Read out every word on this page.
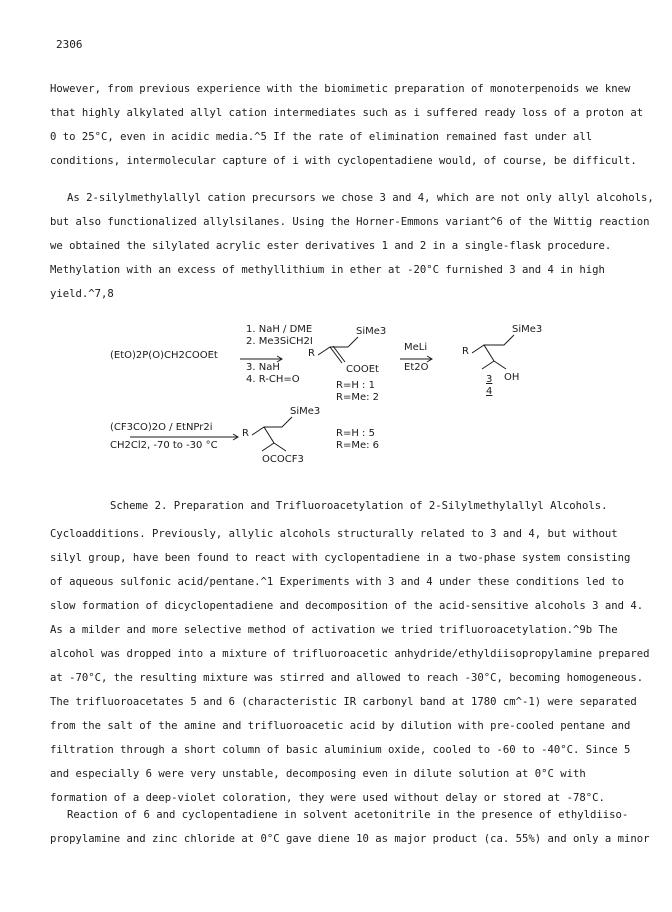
2306
However, from previous experience with the biomimetic preparation of monoterpenoids we knew
that highly alkylated allyl cation intermediates such as i suffered ready loss of a proton at
0 to 25°C, even in acidic media.^5 If the rate of elimination remained fast under all
conditions, intermolecular capture of i with cyclopentadiene would, of course, be difficult.
As 2-silylmethylallyl cation precursors we chose 3 and 4, which are not only allyl alcohols,
but also functionalized allylsilanes. Using the Horner-Emmons variant^6 of the Wittig reaction
we obtained the silylated acrylic ester derivatives 1 and 2 in a single-flask procedure.
Methylation with an excess of methyllithium in ether at -20°C furnished 3 and 4 in high
yield.^7,8
(EtO)2P(O)CH2COOEt
1. NaH / DME
2. Me3SiCH2I
3. NaH
4. R-CH=O
R
SiMe3
COOEt
R=H : 1
R=Me: 2
MeLi
Et2O
R
SiMe3
OH
3
4
(CF3CO)2O / EtNPr2i
CH2Cl2, -70 to -30 °C
R
SiMe3
OCOCF3
R=H : 5
R=Me: 6
Scheme 2. Preparation and Trifluoroacetylation of 2-Silylmethylallyl Alcohols.
Cycloadditions. Previously, allylic alcohols structurally related to 3 and 4, but without
silyl group, have been found to react with cyclopentadiene in a two-phase system consisting
of aqueous sulfonic acid/pentane.^1 Experiments with 3 and 4 under these conditions led to
slow formation of dicyclopentadiene and decomposition of the acid-sensitive alcohols 3 and 4.
As a milder and more selective method of activation we tried trifluoroacetylation.^9b The
alcohol was dropped into a mixture of trifluoroacetic anhydride/ethyldiisopropylamine prepared
at -70°C, the resulting mixture was stirred and allowed to reach -30°C, becoming homogeneous.
The trifluoroacetates 5 and 6 (characteristic IR carbonyl band at 1780 cm^-1) were separated
from the salt of the amine and trifluoroacetic acid by dilution with pre-cooled pentane and
filtration through a short column of basic aluminium oxide, cooled to -60 to -40°C. Since 5
and especially 6 were very unstable, decomposing even in dilute solution at 0°C with
formation of a deep-violet coloration, they were used without delay or stored at -78°C.
Reaction of 6 and cyclopentadiene in solvent acetonitrile in the presence of ethyldiiso-
propylamine and zinc chloride at 0°C gave diene 10 as major product (ca. 55%) and only a minor
